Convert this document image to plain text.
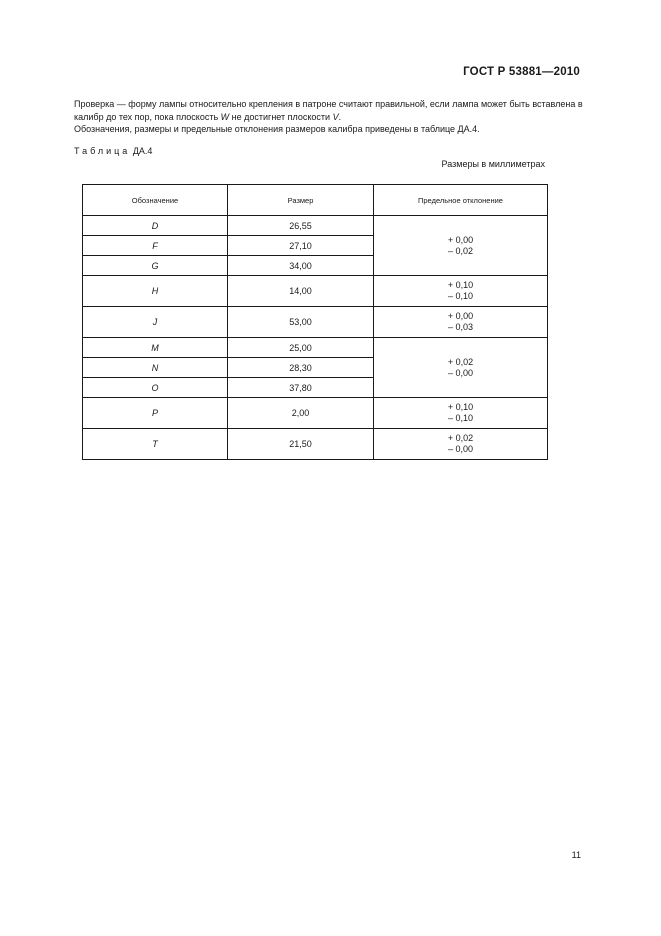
ГОСТ Р 53881—2010
Проверка — форму лампы относительно крепления в патроне считают правильной, если лампа может быть вставлена в калибр до тех пор, пока плоскость W не достигнет плоскости V.
Обозначения, размеры и предельные отклонения размеров калибра приведены в таблице ДА.4.
Таблица ДА.4
Размеры в миллиметрах
Обозначение	Размер	Предельное отклонение
D	26,55	+ 0,00
– 0,02
F	27,10	
G	34,00	
H	14,00	+ 0,10
– 0,10
J	53,00	+ 0,00
– 0,03
M	25,00	+ 0,02
– 0,00
N	28,30	
O	37,80	
P	2,00	+ 0,10
– 0,10
T	21,50	+ 0,02
– 0,00
11
